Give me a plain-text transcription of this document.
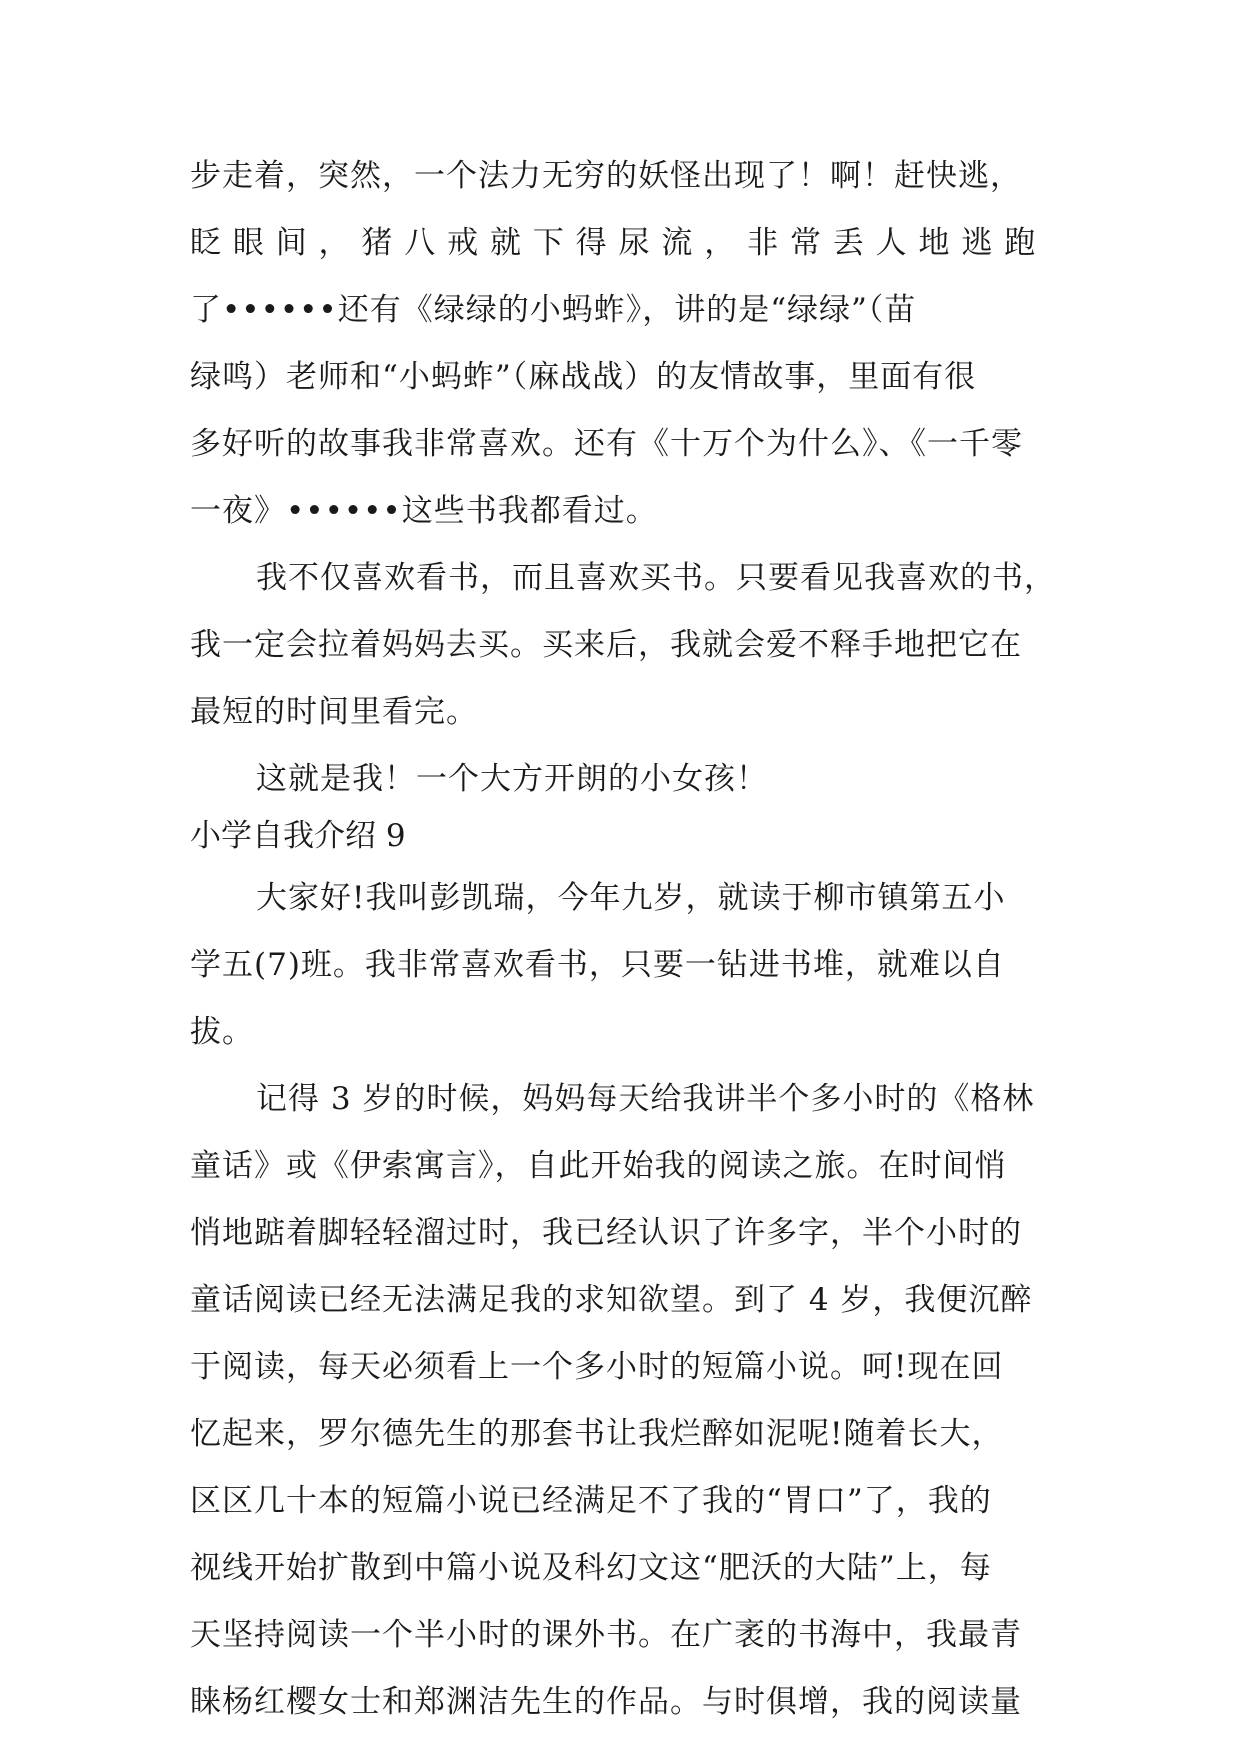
步走着，突然，一个法力无穷的妖怪出现了！啊！赶快逃，
眨 眼 间 ， 猪 八 戒 就 下 得 尿 流 ， 非 常 丢 人 地 逃 跑
了••••••还有《绿绿的小蚂蚱》，讲的是“绿绿”（苗
绿鸣）老师和“小蚂蚱”（麻战战）的友情故事，里面有很
多好听的故事我非常喜欢。还有《十万个为什么》、《一千零
一夜》••••••这些书我都看过。
我不仅喜欢看书，而且喜欢买书。只要看见我喜欢的书，
我一定会拉着妈妈去买。买来后，我就会爱不释手地把它在
最短的时间里看完。
这就是我！一个大方开朗的小女孩！
小学自我介绍 9
大家好!我叫彭凯瑞，今年九岁，就读于柳市镇第五小
学五(7)班。我非常喜欢看书，只要一钻进书堆，就难以自
拔。
记得 3 岁的时候，妈妈每天给我讲半个多小时的《格林
童话》或《伊索寓言》，自此开始我的阅读之旅。在时间悄
悄地踮着脚轻轻溜过时，我已经认识了许多字，半个小时的
童话阅读已经无法满足我的求知欲望。到了 4 岁，我便沉醉
于阅读，每天必须看上一个多小时的短篇小说。呵!现在回
忆起来，罗尔德先生的那套书让我烂醉如泥呢!随着长大，
区区几十本的短篇小说已经满足不了我的“胃口”了，我的
视线开始扩散到中篇小说及科幻文这“肥沃的大陆”上，每
天坚持阅读一个半小时的课外书。在广袤的书海中，我最青
睐杨红樱女士和郑渊洁先生的作品。与时俱增，我的阅读量
